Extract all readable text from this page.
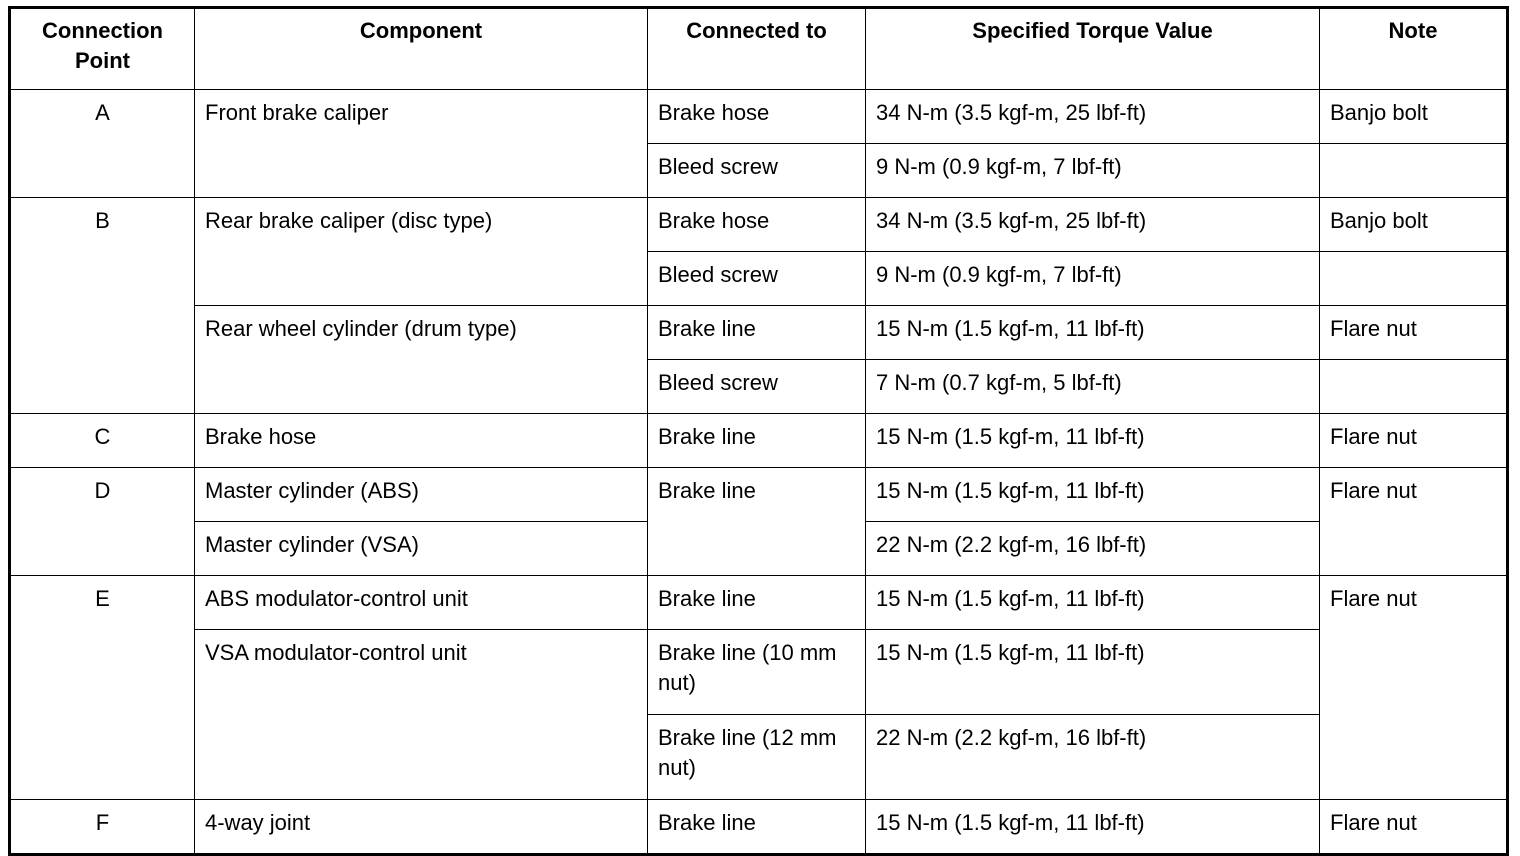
Connection Point	Component	Connected to	Specified Torque Value	Note
A	Front brake caliper	Brake hose	34 N-m (3.5 kgf-m, 25 lbf-ft)	Banjo bolt
		Bleed screw	9 N-m (0.9 kgf-m, 7 lbf-ft)	
B	Rear brake caliper (disc type)	Brake hose	34 N-m (3.5 kgf-m, 25 lbf-ft)	Banjo bolt
		Bleed screw	9 N-m (0.9 kgf-m, 7 lbf-ft)	
	Rear wheel cylinder (drum type)	Brake line	15 N-m (1.5 kgf-m, 11 lbf-ft)	Flare nut
		Bleed screw	7 N-m (0.7 kgf-m, 5 lbf-ft)	
C	Brake hose	Brake line	15 N-m (1.5 kgf-m, 11 lbf-ft)	Flare nut
D	Master cylinder (ABS)	Brake line	15 N-m (1.5 kgf-m, 11 lbf-ft)	Flare nut
	Master cylinder (VSA)		22 N-m (2.2 kgf-m, 16 lbf-ft)	
E	ABS modulator-control unit	Brake line	15 N-m (1.5 kgf-m, 11 lbf-ft)	Flare nut
	VSA modulator-control unit	Brake line (10 mm nut)	15 N-m (1.5 kgf-m, 11 lbf-ft)	
		Brake line (12 mm nut)	22 N-m (2.2 kgf-m, 16 lbf-ft)	
F	4-way joint	Brake line	15 N-m (1.5 kgf-m, 11 lbf-ft)	Flare nut
